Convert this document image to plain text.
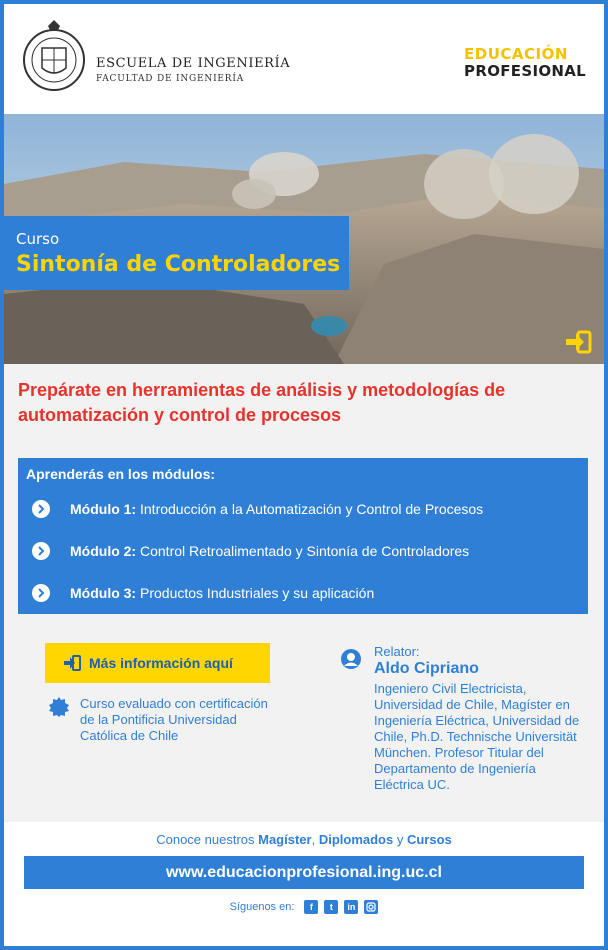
ESCUELA DE INGENIERÍA
FACULTAD DE INGENIERÍA
EDUCACIÓN
PROFESIONAL
Curso
Sintonía de Controladores
Prepárate en herramientas de análisis y metodologías de automatización y control de procesos
Aprenderás en los módulos:
Módulo 1: Introducción a la Automatización y Control de Procesos
Módulo 2: Control Retroalimentado y Sintonía de Controladores
Módulo 3: Productos Industriales y su aplicación
Más información aquí
Curso evaluado con certificación de la Pontificia Universidad Católica de Chile
Relator:
Aldo Cipriano
Ingeniero Civil Electricista, Universidad de Chile, Magíster en Ingeniería Eléctrica, Universidad de Chile, Ph.D. Technische Universität München. Profesor Titular del Departamento de Ingeniería Eléctrica UC.
Conoce nuestros Magíster, Diplomados y Cursos
www.educacionprofesional.ing.uc.cl
Síguenos en:	f	t	in
